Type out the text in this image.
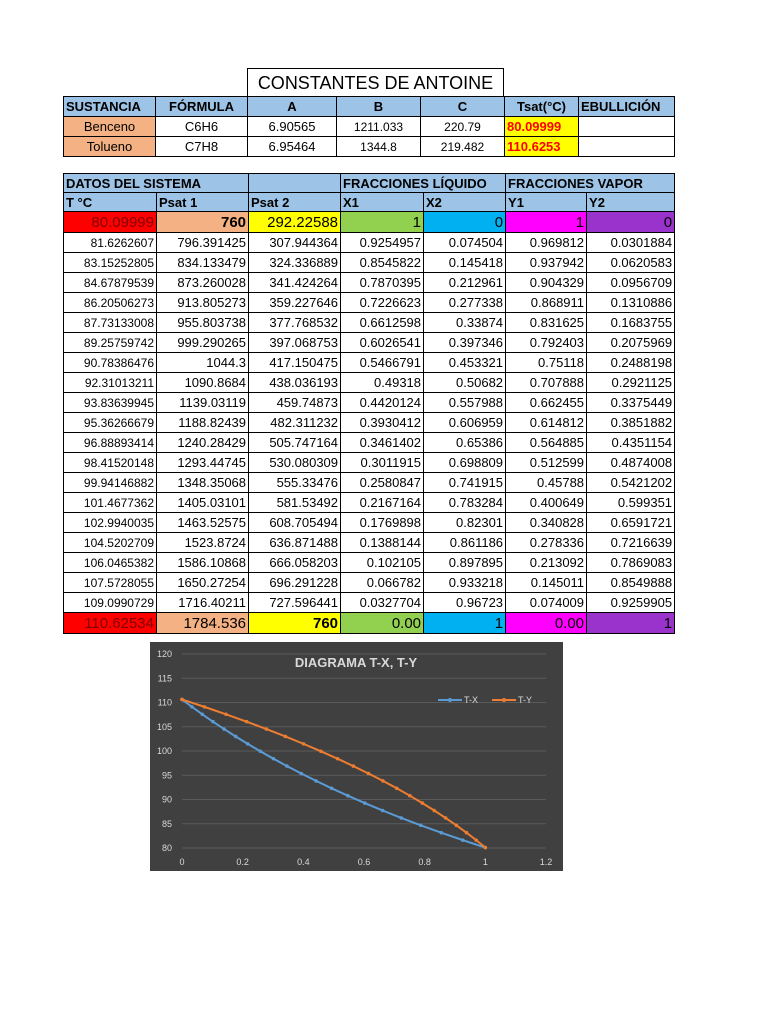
CONSTANTES DE ANTOINE
SUSTANCIA	FÓRMULA	A	B	C	Tsat(°C)	EBULLICIÓN
Benceno	C6H6	6.90565	1211.033	220.79	80.09999	
Tolueno	C7H8	6.95464	1344.8	219.482	110.6253	
DATOS DEL SISTEMA			FRACCIONES LÍQUIDO		FRACCIONES VAPOR	
T °C	Psat 1	Psat 2	X1	X2	Y1	Y2
80.09999	760	292.22588	1	0	1	0
81.6262607	796.391425	307.944364	0.9254957	0.074504	0.969812	0.0301884
83.15252805	834.133479	324.336889	0.8545822	0.145418	0.937942	0.0620583
84.67879539	873.260028	341.424264	0.7870395	0.212961	0.904329	0.0956709
86.20506273	913.805273	359.227646	0.7226623	0.277338	0.868911	0.1310886
87.73133008	955.803738	377.768532	0.6612598	0.33874	0.831625	0.1683755
89.25759742	999.290265	397.068753	0.6026541	0.397346	0.792403	0.2075969
90.78386476	1044.3	417.150475	0.5466791	0.453321	0.75118	0.2488198
92.31013211	1090.8684	438.036193	0.49318	0.50682	0.707888	0.2921125
93.83639945	1139.03119	459.74873	0.4420124	0.557988	0.662455	0.3375449
95.36266679	1188.82439	482.311232	0.3930412	0.606959	0.614812	0.3851882
96.88893414	1240.28429	505.747164	0.3461402	0.65386	0.564885	0.4351154
98.41520148	1293.44745	530.080309	0.3011915	0.698809	0.512599	0.4874008
99.94146882	1348.35068	555.33476	0.2580847	0.741915	0.45788	0.5421202
101.4677362	1405.03101	581.53492	0.2167164	0.783284	0.400649	0.599351
102.9940035	1463.52575	608.705494	0.1769898	0.82301	0.340828	0.6591721
104.5202709	1523.8724	636.871488	0.1388144	0.861186	0.278336	0.7216639
106.0465382	1586.10868	666.058203	0.102105	0.897895	0.213092	0.7869083
107.5728055	1650.27254	696.291228	0.066782	0.933218	0.145011	0.8549888
109.0990729	1716.40211	727.596441	0.0327704	0.96723	0.074009	0.9259905
110.62534	1784.536	760	0.00	1	0.00	1
80
85
90
95
100
105
110
115
120
0	0.2	0.4	0.6	0.8	1	1.2
DIAGRAMA T-X, T-Y
T-X	T-Y
